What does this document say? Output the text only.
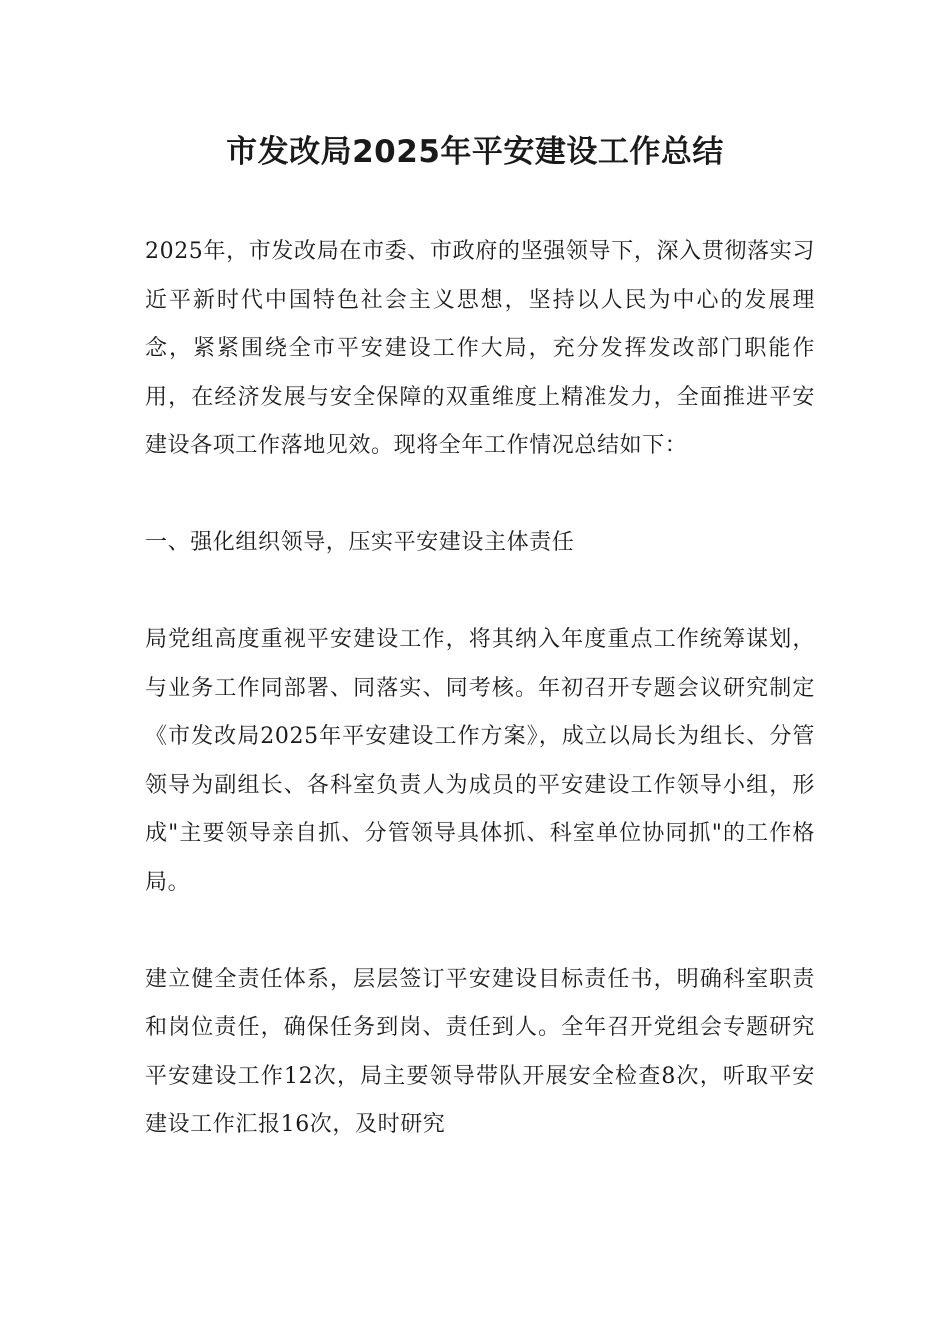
市发改局2025年平安建设工作总结

2025年，市发改局在市委、市政府的坚强领导下，深入贯彻落实习近平新时代中国特色社会主义思想，坚持以人民为中心的发展理念，紧紧围绕全市平安建设工作大局，充分发挥发改部门职能作用，在经济发展与安全保障的双重维度上精准发力，全面推进平安建设各项工作落地见效。现将全年工作情况总结如下：

一、强化组织领导，压实平安建设主体责任

局党组高度重视平安建设工作，将其纳入年度重点工作统筹谋划，与业务工作同部署、同落实、同考核。年初召开专题会议研究制定《市发改局2025年平安建设工作方案》，成立以局长为组长、分管领导为副组长、各科室负责人为成员的平安建设工作领导小组，形成"主要领导亲自抓、分管领导具体抓、科室单位协同抓"的工作格局。

建立健全责任体系，层层签订平安建设目标责任书，明确科室职责和岗位责任，确保任务到岗、责任到人。全年召开党组会专题研究平安建设工作12次，局主要领导带队开展安全检查8次，听取平安建设工作汇报16次，及时研究
